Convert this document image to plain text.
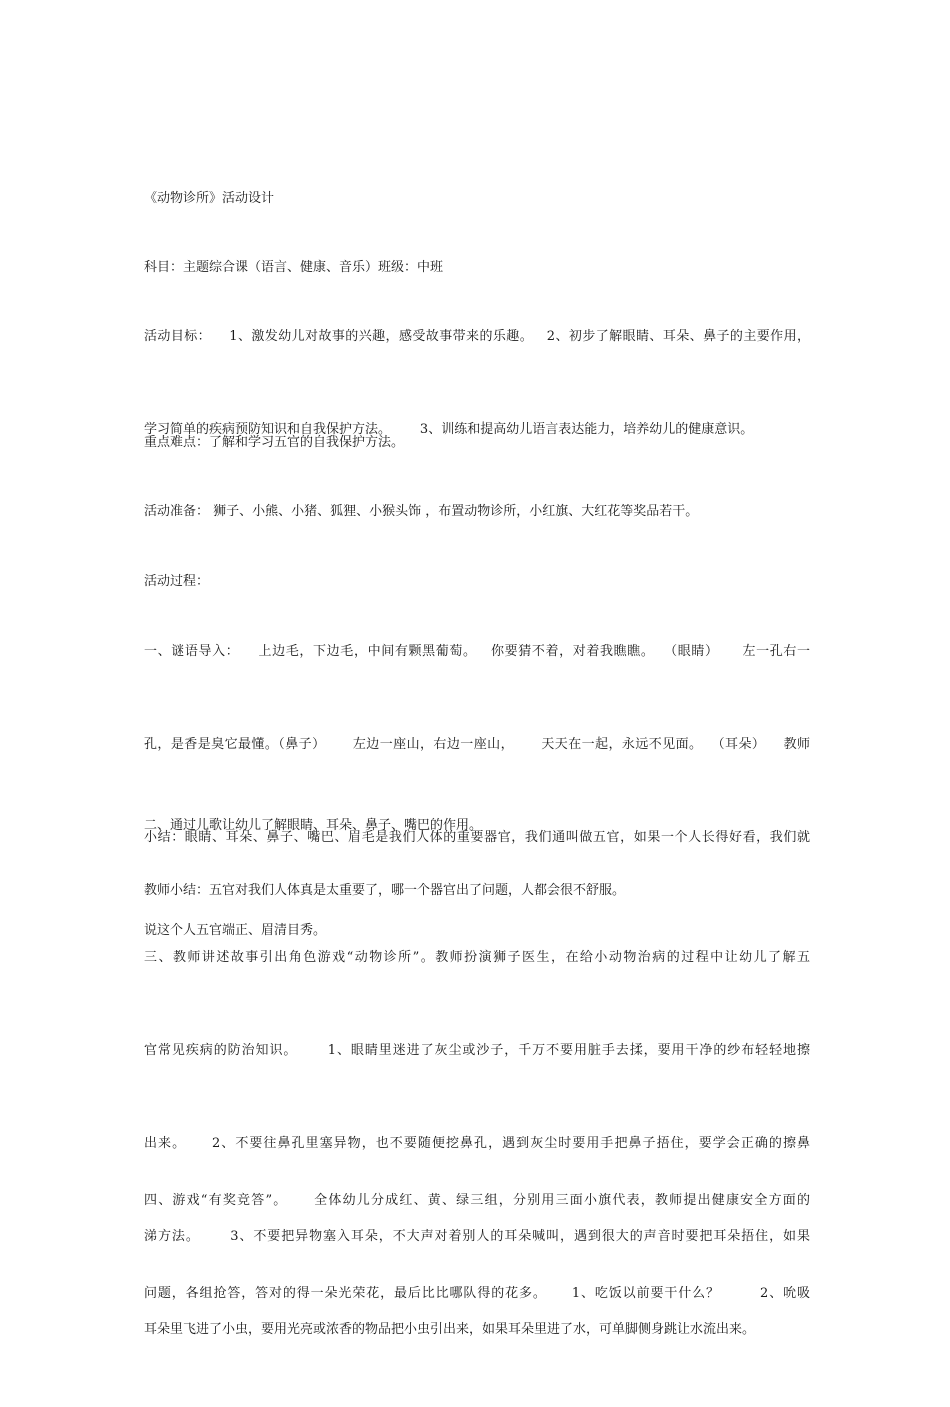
《动物诊所》活动设计

科目：主题综合课（语言、健康、音乐）班级：中班

活动目标：    1、激发幼儿对故事的兴趣，感受故事带来的乐趣。   2、初步了解眼睛、耳朵、鼻子的主要作用，

学习简单的疾病预防知识和自我保护方法。       3、训练和提高幼儿语言表达能力，培养幼儿的健康意识。

重点难点：了解和学习五官的自我保护方法。

活动准备： 狮子、小熊、小猪、狐狸、小猴头饰 ，布置动物诊所，小红旗、大红花等奖品若干。

活动过程：

一、谜语导入：    上边毛，下边毛，中间有颗黑葡萄。   你要猜不着，对着我瞧瞧。  （眼睛）     左一孔右一

孔，是香是臭它最懂。（鼻子）      左边一座山，右边一座山，      天天在一起，永远不见面。  （耳朵）    教师

小结：眼睛、耳朵、鼻子、嘴巴、眉毛是我们人体的重要器官，我们通叫做五官，如果一个人长得好看，我们就

说这个人五官端正、眉清目秀。

二、通过儿歌让幼儿了解眼睛、耳朵、鼻子、嘴巴的作用。

教师小结：五官对我们人体真是太重要了，哪一个器官出了问题，人都会很不舒服。

三、教师讲述故事引出角色游戏“动物诊所”。教师扮演狮子医生，在给小动物治病的过程中让幼儿了解五

官常见疾病的防治知识。      1、眼睛里迷进了灰尘或沙子，千万不要用脏手去揉，要用干净的纱布轻轻地擦

出来。     2、不要往鼻孔里塞异物，也不要随便挖鼻孔，遇到灰尘时要用手把鼻子捂住，要学会正确的擦鼻

涕方法。      3、不要把异物塞入耳朵，不大声对着别人的耳朵喊叫，遇到很大的声音时要把耳朵捂住，如果

耳朵里飞进了小虫，要用光亮或浓香的物品把小虫引出来，如果耳朵里进了水，可单脚侧身跳让水流出来。

四、游戏“有奖竞答”。     全体幼儿分成红、黄、绿三组，分别用三面小旗代表，教师提出健康安全方面的

问题，各组抢答，答对的得一朵光荣花，最后比比哪队得的花多。     1、吃饭以前要干什么？        2、吮吸
